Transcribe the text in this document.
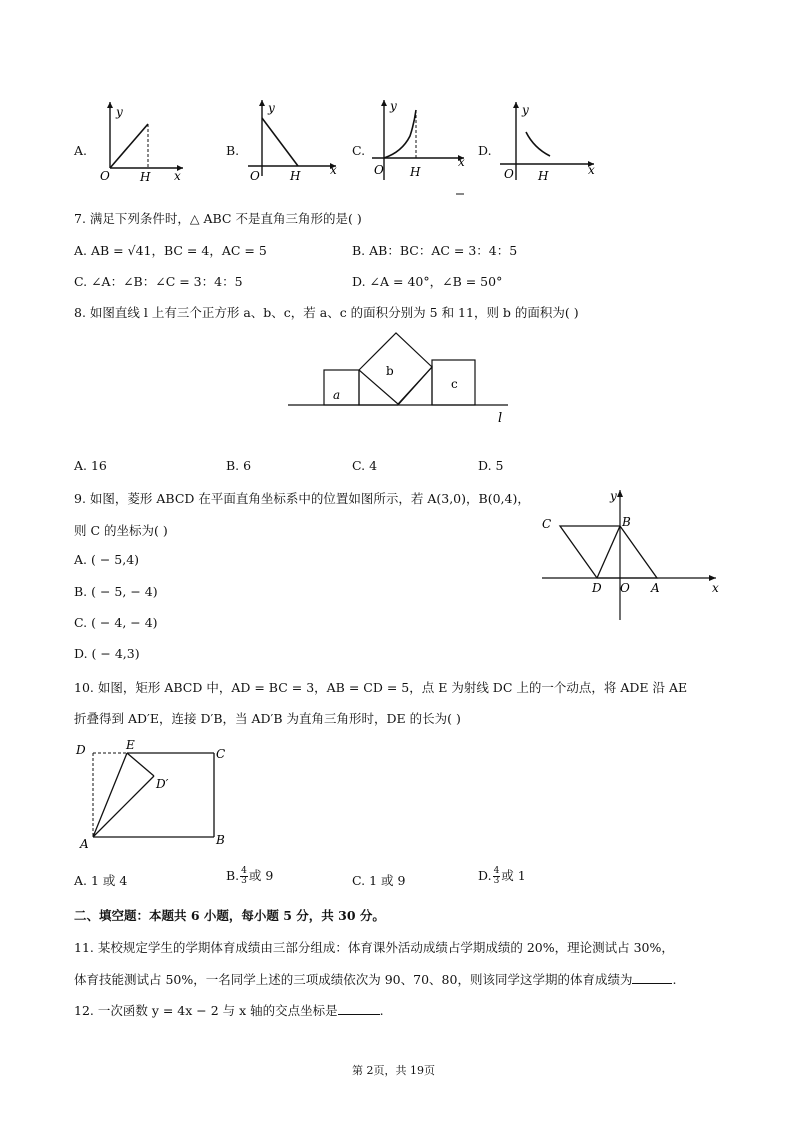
A.
y
O	H x
B.
y
O	H x
C.
y
O H
x
D.
y
O H	x
7. 满足下列条件时，△ ABC 不是直角三角形的是( )
A. AB = √41，BC = 4，AC = 5	B. AB：BC：AC = 3：4：5
C. ∠A：∠B：∠C = 3：4：5	D. ∠A = 40°，∠B = 50°
8. 如图直线 l 上有三个正方形 a、b、c，若 a、c 的面积分别为 5 和 11，则 b 的面积为( )
a
b
c
l
A. 16	B. 6	C. 4	D. 5
9. 如图，菱形 ABCD 在平面直角坐标系中的位置如图所示，若 A(3,0)，B(0,4)，
则 C 的坐标为( )
A. ( − 5,4)
B. ( − 5, − 4)
C. ( − 4, − 4)
D. ( − 4,3)
y
x
C	B
D O A
10. 如图，矩形 ABCD 中，AD = BC = 3，AB = CD = 5，点 E 为射线 DC 上的一个动点，将 ADE 沿 AE
折叠得到 AD′E，连接 D′B，当 AD′B 为直角三角形时，DE 的长为( )
D	E
C
D′
A	B
A. 1 或 4	B. $\frac{4}{3}$ 或 9	C. 1 或 9	D. $\frac{4}{3}$ 或 1
二、填空题：本题共 6 小题，每小题 5 分，共 30 分。
11. 某校规定学生的学期体育成绩由三部分组成：体育课外活动成绩占学期成绩的 20%，理论测试占 30%，
体育技能测试占 50%，一名同学上述的三项成绩依次为 90、70、80，则该同学这学期的体育成绩为	.
12. 一次函数 y = 4x − 2 与 x 轴的交点坐标是	.
第 2页，共 19页
